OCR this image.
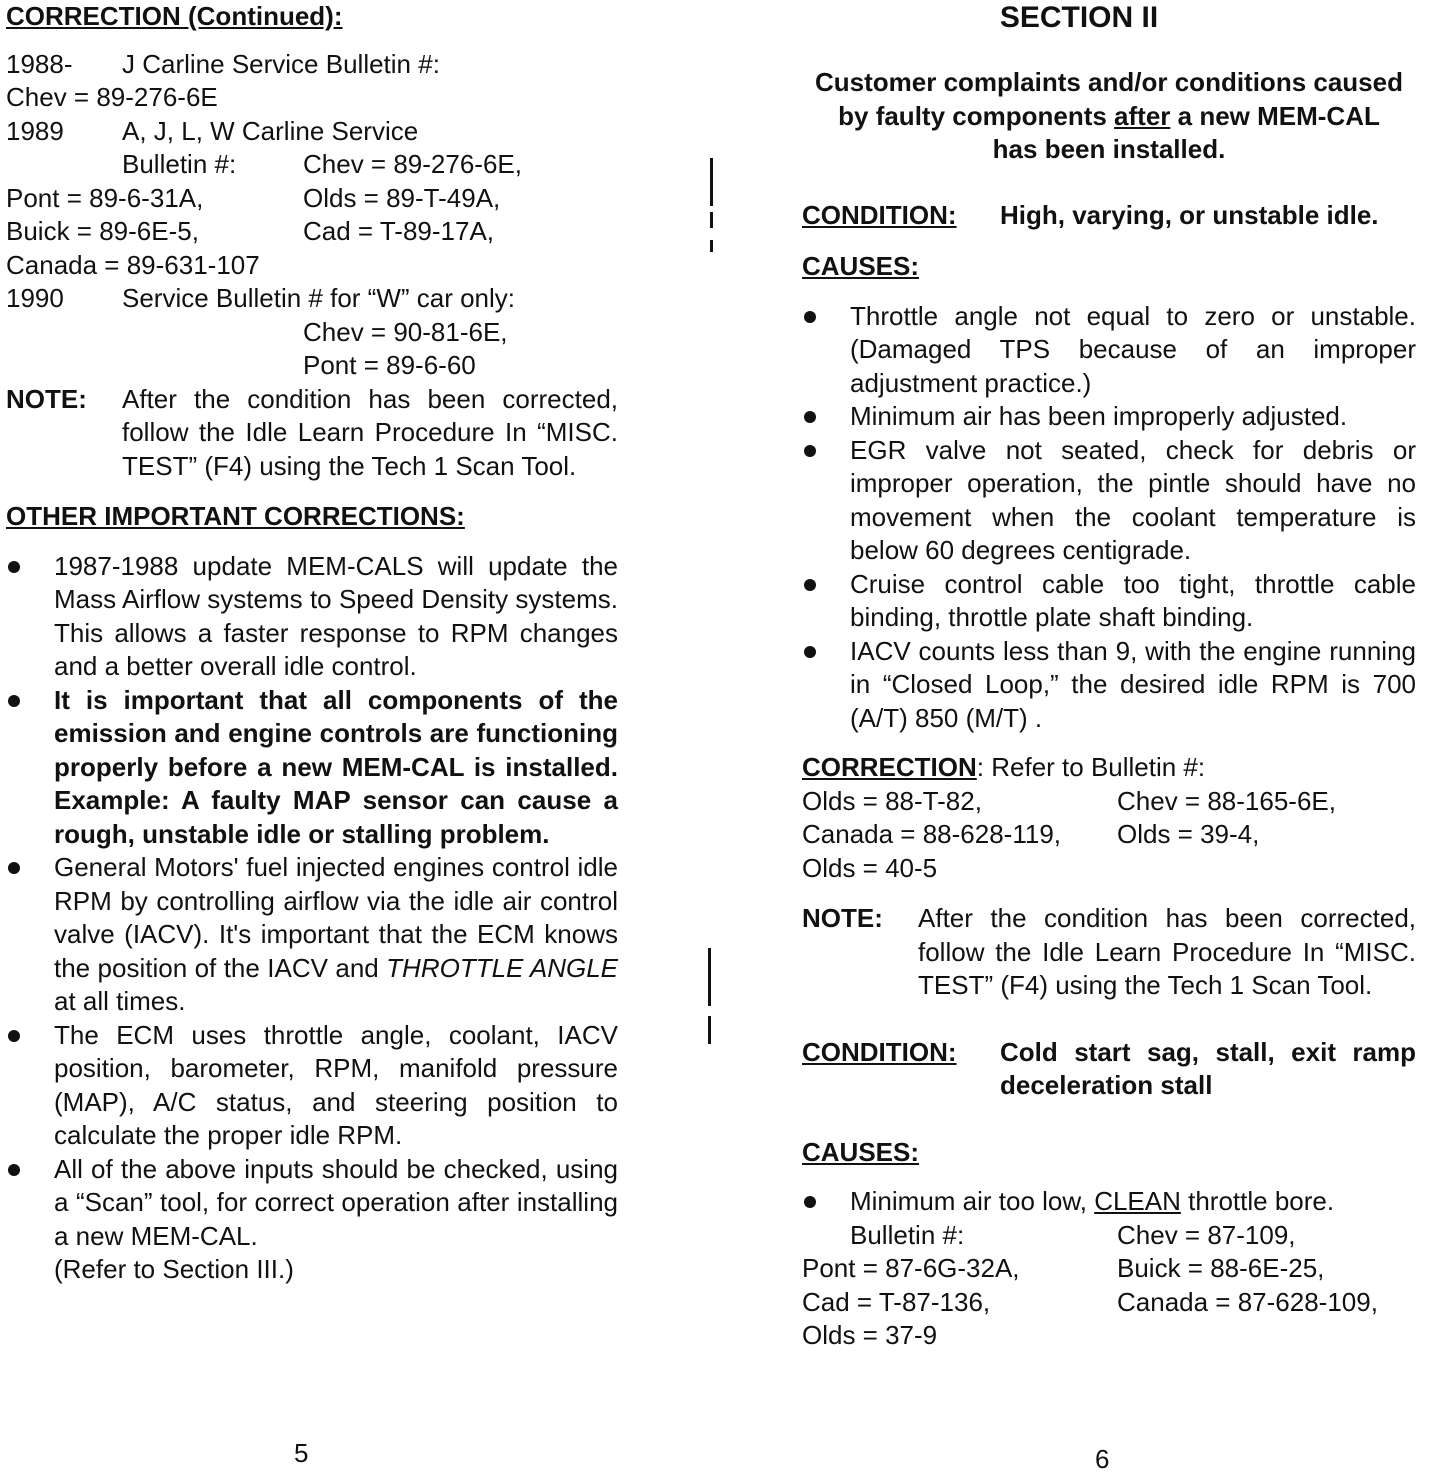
CORRECTION (Continued):
1988- J Carline Service Bulletin #:
Chev = 89-276-6E
1989 A, J, L, W Carline Service
Bulletin #:	Chev = 89-276-6E,
Pont = 89-6-31A,	Olds = 89-T-49A,
Buick = 89-6E-5,	Cad = T-89-17A,
Canada = 89-631-107
1990 Service Bulletin # for “W” car only:
Chev = 90-81-6E,
Pont = 89-6-60
NOTE:	After the condition has been corrected, follow the Idle Learn Procedure In “MISC. TEST” (F4) using the Tech 1 Scan Tool.
OTHER IMPORTANT CORRECTIONS:
1987-1988 update MEM-CALS will update the Mass Airflow systems to Speed Density systems. This allows a faster response to RPM changes and a better overall idle control.
It is important that all components of the emission and engine controls are functioning properly before a new MEM-CAL is installed. Example: A faulty MAP sensor can cause a rough, unstable idle or stalling problem.
General Motors' fuel injected engines control idle RPM by controlling airflow via the idle air control valve (IACV). It's important that the ECM knows the position of the IACV and THROTTLE ANGLE at all times.
The ECM uses throttle angle, coolant, IACV position, barometer, RPM, manifold pressure (MAP), A/C status, and steering position to calculate the proper idle RPM.
All of the above inputs should be checked, using a “Scan” tool, for correct operation after installing a new MEM-CAL.
(Refer to Section III.)
5
SECTION II
Customer complaints and/or conditions caused
by faulty components after a new MEM-CAL
has been installed.
CONDITION:	High, varying, or unstable idle.
CAUSES:
Throttle angle not equal to zero or unstable. (Damaged TPS because of an improper adjustment practice.)
Minimum air has been improperly adjusted.
EGR valve not seated, check for debris or improper operation, the pintle should have no movement when the coolant temperature is below 60 degrees centigrade.
Cruise control cable too tight, throttle cable binding, throttle plate shaft binding.
IACV counts less than 9, with the engine running in “Closed Loop,” the desired idle RPM is 700 (A/T) 850 (M/T) .
CORRECTION: Refer to Bulletin #:
Olds = 88-T-82,	Chev = 88-165-6E,
Canada = 88-628-119, Olds = 39-4,
Olds = 40-5
NOTE:	After the condition has been corrected, follow the Idle Learn Procedure In “MISC. TEST” (F4) using the Tech 1 Scan Tool.
CONDITION:	Cold start sag, stall, exit ramp deceleration stall
CAUSES:
Minimum air too low, CLEAN throttle bore.
Bulletin #:	Chev = 87-109,
Pont = 87-6G-32A,	Buick = 88-6E-25,
Cad = T-87-136,	Canada = 87-628-109,
Olds = 37-9
6
